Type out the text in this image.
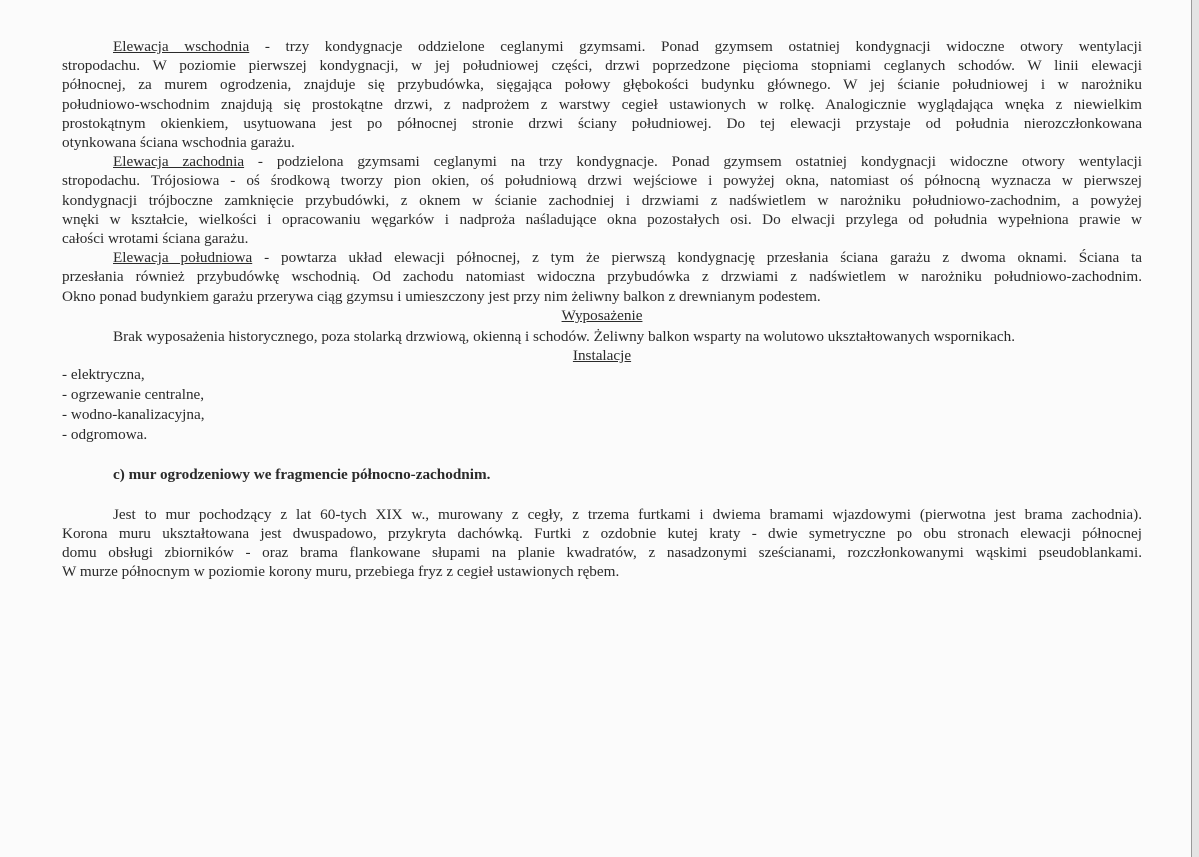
Elewacja wschodnia - trzy kondygnacje oddzielone ceglanymi gzymsami. Ponad gzymsem ostatniej kondygnacji widoczne otwory wentylacji
stropodachu. W poziomie pierwszej kondygnacji, w jej południowej części, drzwi poprzedzone pięcioma stopniami ceglanych schodów. W linii elewacji
północnej, za murem ogrodzenia, znajduje się przybudówka, sięgająca połowy głębokości budynku głównego. W jej ścianie południowej i w narożniku
południowo-wschodnim znajdują się prostokątne drzwi, z nadprożem z warstwy cegieł ustawionych w rolkę. Analogicznie wyglądająca wnęka z niewielkim
prostokątnym okienkiem, usytuowana jest po północnej stronie drzwi ściany południowej. Do tej elewacji przystaje od południa nierozczłonkowana
otynkowana ściana wschodnia garażu.
Elewacja zachodnia - podzielona gzymsami ceglanymi na trzy kondygnacje. Ponad gzymsem ostatniej kondygnacji widoczne otwory wentylacji
stropodachu. Trójosiowa - oś środkową tworzy pion okien, oś południową drzwi wejściowe i powyżej okna, natomiast oś północną wyznacza w pierwszej
kondygnacji trójboczne zamknięcie przybudówki, z oknem w ścianie zachodniej i drzwiami z nadświetlem w narożniku południowo-zachodnim, a powyżej
wnęki w kształcie, wielkości i opracowaniu węgarków i nadproża naśladujące okna pozostałych osi. Do elwacji przylega od południa wypełniona prawie w
całości wrotami ściana garażu.
Elewacja południowa - powtarza układ elewacji północnej, z tym że pierwszą kondygnację przesłania ściana garażu z dwoma oknami. Ściana ta
przesłania również przybudówkę wschodnią. Od zachodu natomiast widoczna przybudówka z drzwiami z nadświetlem w narożniku południowo-zachodnim.
Okno ponad budynkiem garażu przerywa ciąg gzymsu i umieszczony jest przy nim żeliwny balkon z drewnianym podestem.
Wyposażenie
Brak wyposażenia historycznego, poza stolarką drzwiową, okienną i schodów. Żeliwny balkon wsparty na wolutowo ukształtowanych wspornikach.
Instalacje
- elektryczna,
- ogrzewanie centralne,
- wodno-kanalizacyjna,
- odgromowa.
c) mur ogrodzeniowy we fragmencie północno-zachodnim.
Jest to mur pochodzący z lat 60-tych XIX w., murowany z cegły, z trzema furtkami i dwiema bramami wjazdowymi (pierwotna jest brama zachodnia).
Korona muru ukształtowana jest dwuspadowo, przykryta dachówką. Furtki z ozdobnie kutej kraty - dwie symetryczne po obu stronach elewacji północnej
domu obsługi zbiorników - oraz brama flankowane słupami na planie kwadratów, z nasadzonymi sześcianami, rozczłonkowanymi wąskimi pseudoblankami.
W murze północnym w poziomie korony muru, przebiega fryz z cegieł ustawionych rębem.
